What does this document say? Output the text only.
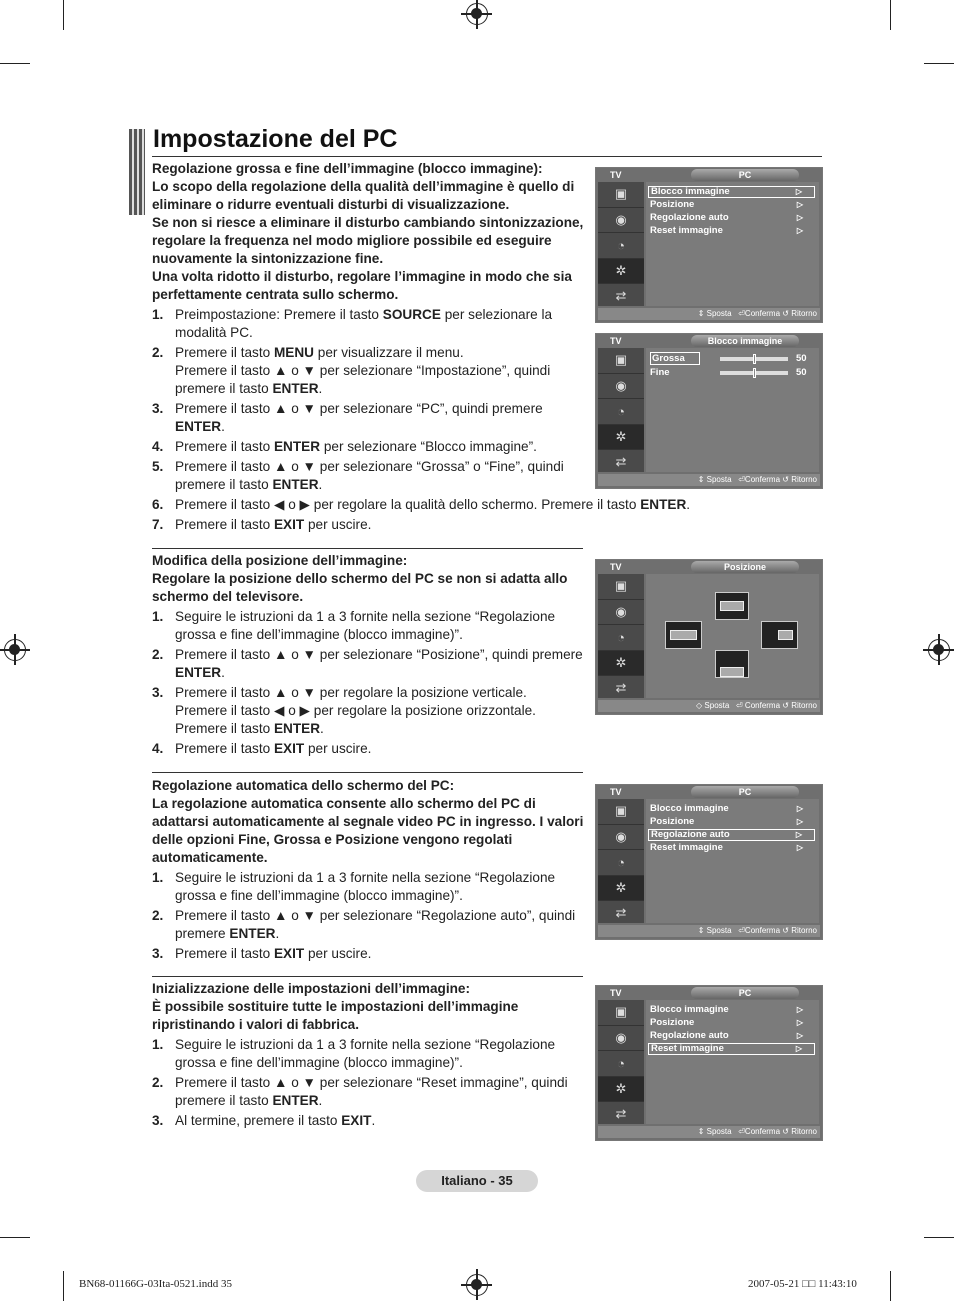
Impostazione del PC
Regolazione grossa e fine dell’immagine (blocco immagine):
Lo scopo della regolazione della qualità dell’immagine è quello di eliminare o ridurre eventuali disturbi di visualizzazione.
Se non si riesce a eliminare il disturbo cambiando sintonizzazione, regolare la frequenza nel modo migliore possibile ed eseguire nuovamente la sintonizzazione fine.
Una volta ridotto il disturbo, regolare l’immagine in modo che sia perfettamente centrata sullo schermo.
1. Preimpostazione: Premere il tasto SOURCE per selezionare la modalità PC.
2. Premere il tasto MENU per visualizzare il menu.
Premere il tasto ▲ o ▼ per selezionare “Impostazione”, quindi premere il tasto ENTER.
3. Premere il tasto ▲ o ▼ per selezionare “PC”, quindi premere ENTER.
4. Premere il tasto ENTER per selezionare “Blocco immagine”.
5. Premere il tasto ▲ o ▼ per selezionare “Grossa” o “Fine”, quindi premere il tasto ENTER.
6. Premere il tasto ◀ o ▶ per regolare la qualità dello schermo. Premere il tasto ENTER.
7. Premere il tasto EXIT per uscire.
Modifica della posizione dell’immagine:
Regolare la posizione dello schermo del PC se non si adatta allo schermo del televisore.
1. Seguire le istruzioni da 1 a 3 fornite nella sezione “Regolazione grossa e fine dell’immagine (blocco immagine)”.
2. Premere il tasto ▲ o ▼ per selezionare “Posizione”, quindi premere ENTER.
3. Premere il tasto ▲ o ▼ per regolare la posizione verticale.
Premere il tasto ◀ o ▶ per regolare la posizione orizzontale.
Premere il tasto ENTER.
4. Premere il tasto EXIT per uscire.
Regolazione automatica dello schermo del PC:
La regolazione automatica consente allo schermo del PC di adattarsi automaticamente al segnale video PC in ingresso. I valori delle opzioni Fine, Grossa e Posizione vengono regolati automaticamente.
1. Seguire le istruzioni da 1 a 3 fornite nella sezione “Regolazione grossa e fine dell’immagine (blocco immagine)”.
2. Premere il tasto ▲ o ▼ per selezionare “Regolazione auto”, quindi premere ENTER.
3. Premere il tasto EXIT per uscire.
Inizializzazione delle impostazioni dell’immagine:
È possibile sostituire tutte le impostazioni dell’immagine ripristinando i valori di fabbrica.
1. Seguire le istruzioni da 1 a 3 fornite nella sezione “Regolazione grossa e fine dell’immagine (blocco immagine)”.
2. Premere il tasto ▲ o ▼ per selezionare “Reset immagine”, quindi premere il tasto ENTER.
3. Al termine, premere il tasto EXIT.
TV	PC
▣
◉
◔
✲
⇄
Blocco immagine	▷
Posizione	▷
Regolazione auto	▷
Reset immagine	▷
⇕ Sposta   ⏎Conferma ↺ Ritorno
TV	Blocco immagine
▣
◉
◔
✲
⇄
Grossa	50
Fine	50
⇕ Sposta   ⏎Conferma ↺ Ritorno
TV	Posizione
▣
◉
◔
✲
⇄
◇ Sposta   ⏎ Conferma ↺ Ritorno
TV	PC
▣
◉
◔
✲
⇄
Blocco immagine	▷
Posizione	▷
Regolazione auto	▷
Reset immagine	▷
⇕ Sposta   ⏎Conferma ↺ Ritorno
TV	PC
▣
◉
◔
✲
⇄
Blocco immagine	▷
Posizione	▷
Regolazione auto	▷
Reset immagine	▷
⇕ Sposta   ⏎Conferma ↺ Ritorno
Italiano - 35
BN68-01166G-03Ita-0521.indd 35	2007-05-21 □□ 11:43:10
